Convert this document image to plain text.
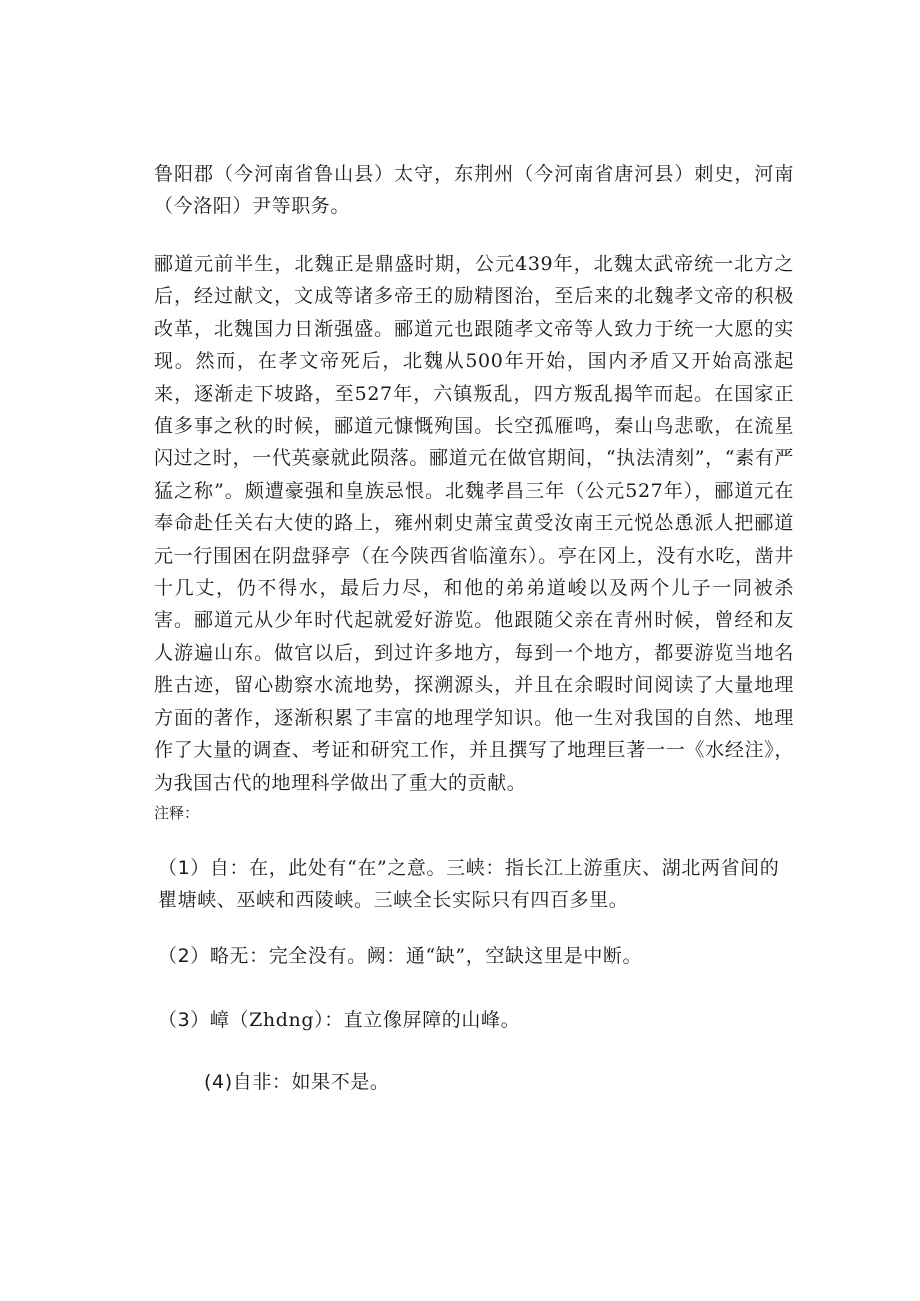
鲁阳郡（今河南省鲁山县）太守，东荆州（今河南省唐河县）刺史，河南（今洛阳）尹等职务。

郦道元前半生，北魏正是鼎盛时期，公元439年，北魏太武帝统一北方之后，经过献文，文成等诸多帝王的励精图治，至后来的北魏孝文帝的积极改革，北魏国力日渐强盛。郦道元也跟随孝文帝等人致力于统一大愿的实现。然而，在孝文帝死后，北魏从500年开始，国内矛盾又开始高涨起来，逐渐走下坡路，至527年，六镇叛乱，四方叛乱揭竿而起。在国家正值多事之秋的时候，郦道元慷慨殉国。长空孤雁鸣，秦山鸟悲歌，在流星闪过之时，一代英豪就此陨落。郦道元在做官期间，“执法清刻”，“素有严猛之称”。颇遭豪强和皇族忌恨。北魏孝昌三年（公元527年），郦道元在奉命赴任关右大使的路上，雍州刺史萧宝黄受汝南王元悦怂恿派人把郦道元一行围困在阴盘驿亭（在今陕西省临潼东）。亭在冈上，没有水吃，凿井十几丈，仍不得水，最后力尽，和他的弟弟道峻以及两个儿子一同被杀害。郦道元从少年时代起就爱好游览。他跟随父亲在青州时候，曾经和友人游遍山东。做官以后，到过许多地方，每到一个地方，都要游览当地名胜古迹，留心勘察水流地势，探溯源头，并且在余暇时间阅读了大量地理方面的著作，逐渐积累了丰富的地理学知识。他一生对我国的自然、地理作了大量的调查、考证和研究工作，并且撰写了地理巨著一一《水经注》，为我国古代的地理科学做出了重大的贡献。

注释：

（1）自：在，此处有“在”之意。三峡：指长江上游重庆、湖北两省间的瞿塘峡、巫峡和西陵峡。三峡全长实际只有四百多里。

（2）略无：完全没有。阙：通“缺”，空缺这里是中断。

（3）嶂（Zhdng）：直立像屏障的山峰。

(4)自非：如果不是。
